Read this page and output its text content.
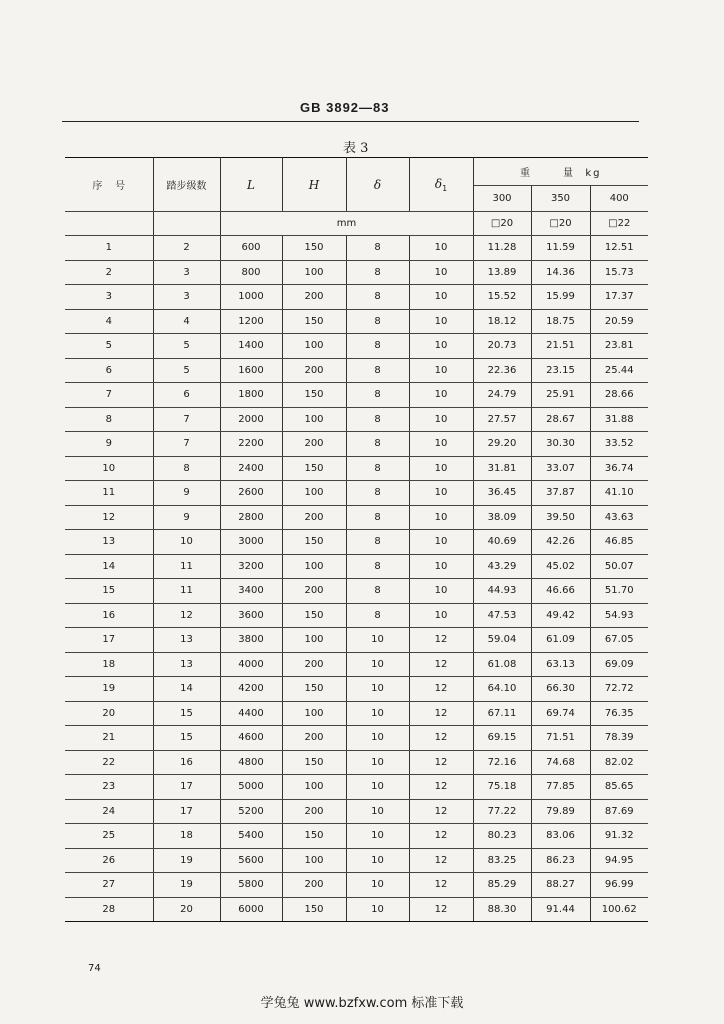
GB 3892—83
表 3
序    号	踏步级数	L	H	δ	$\delta_1$	重      量  kg		
						300	350	400
		mm				□20	□20	□22
1	2	600	150	8	10	11.28	11.59	12.51
2	3	800	100	8	10	13.89	14.36	15.73
3	3	1000	200	8	10	15.52	15.99	17.37
4	4	1200	150	8	10	18.12	18.75	20.59
5	5	1400	100	8	10	20.73	21.51	23.81
6	5	1600	200	8	10	22.36	23.15	25.44
7	6	1800	150	8	10	24.79	25.91	28.66
8	7	2000	100	8	10	27.57	28.67	31.88
9	7	2200	200	8	10	29.20	30.30	33.52
10	8	2400	150	8	10	31.81	33.07	36.74
11	9	2600	100	8	10	36.45	37.87	41.10
12	9	2800	200	8	10	38.09	39.50	43.63
13	10	3000	150	8	10	40.69	42.26	46.85
14	11	3200	100	8	10	43.29	45.02	50.07
15	11	3400	200	8	10	44.93	46.66	51.70
16	12	3600	150	8	10	47.53	49.42	54.93
17	13	3800	100	10	12	59.04	61.09	67.05
18	13	4000	200	10	12	61.08	63.13	69.09
19	14	4200	150	10	12	64.10	66.30	72.72
20	15	4400	100	10	12	67.11	69.74	76.35
21	15	4600	200	10	12	69.15	71.51	78.39
22	16	4800	150	10	12	72.16	74.68	82.02
23	17	5000	100	10	12	75.18	77.85	85.65
24	17	5200	200	10	12	77.22	79.89	87.69
25	18	5400	150	10	12	80.23	83.06	91.32
26	19	5600	100	10	12	83.25	86.23	94.95
27	19	5800	200	10	12	85.29	88.27	96.99
28	20	6000	150	10	12	88.30	91.44	100.62
74
学兔兔 www.bzfxw.com 标准下载
